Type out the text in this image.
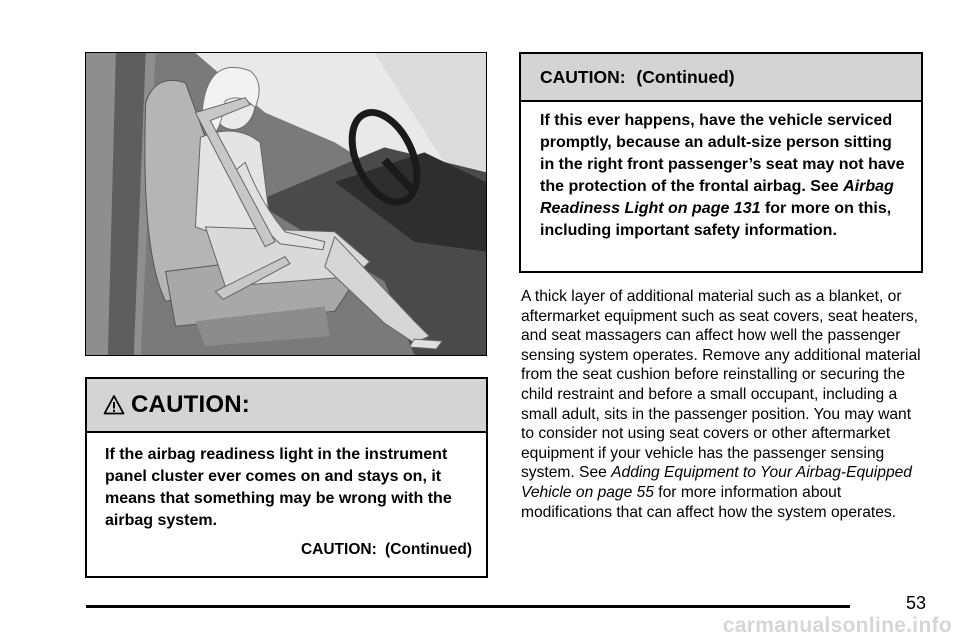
CAUTION:
If the airbag readiness light in the instrument panel cluster ever comes on and stays on, it means that something may be wrong with the airbag system.
CAUTION: (Continued)
CAUTION: (Continued)
If this ever happens, have the vehicle serviced promptly, because an adult-size person sitting in the right front passenger’s seat may not have the protection of the frontal airbag. See Airbag Readiness Light on page 131 for more on this, including important safety information.
A thick layer of additional material such as a blanket, or aftermarket equipment such as seat covers, seat heaters, and seat massagers can affect how well the passenger sensing system operates. Remove any additional material from the seat cushion before reinstalling or securing the child restraint and before a small occupant, including a small adult, sits in the passenger position. You may want to consider not using seat covers or other aftermarket equipment if your vehicle has the passenger sensing system. See Adding Equipment to Your Airbag-Equipped Vehicle on page 55 for more information about modifications that can affect how the system operates.
53
carmanualsonline.info
